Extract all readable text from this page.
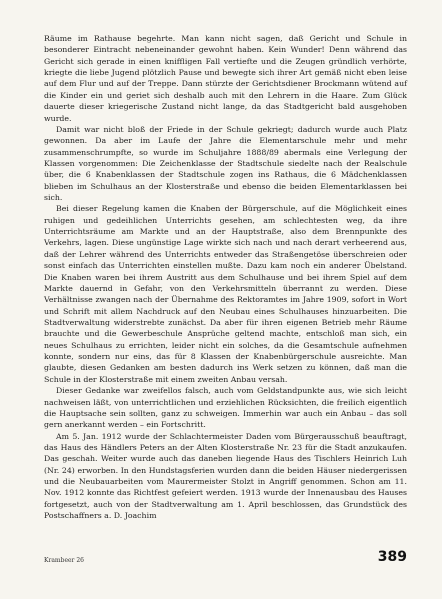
Räume im Rathause begehrte. Man kann nicht sagen, daß Gericht und Schule in besonderer Eintracht nebeneinander gewohnt haben. Kein Wunder! Denn während das Gericht sich gerade in einen kniffligen Fall vertiefte und die Zeugen gründlich verhörte, kriegte die liebe Jugend plötzlich Pause und bewegte sich ihrer Art gemäß nicht eben leise auf dem Flur und auf der Treppe. Dann stürzte der Gerichtsdiener Brockmann wütend auf die Kinder ein und geriet sich deshalb auch mit den Lehrern in die Haare. Zum Glück dauerte dieser kriegerische Zustand nicht lange, da das Stadtgericht bald ausgehoben wurde.

Damit war nicht bloß der Friede in der Schule gekriegt; dadurch wurde auch Platz gewonnen. Da aber im Laufe der Jahre die Elementarschule mehr und mehr zusammenschrumpfte, so wurde im Schuljahre 1888/89 abermals eine Verlegung der Klassen vorgenommen: Die Zeichenklasse der Stadtschule siedelte nach der Realschule über, die 6 Knabenklassen der Stadtschule zogen ins Rathaus, die 6 Mädchenklassen blieben im Schulhaus an der Klosterstraße und ebenso die beiden Elementarklassen bei sich.

Bei dieser Regelung kamen die Knaben der Bürgerschule, auf die Möglichkeit eines ruhigen und gedeihlichen Unterrichts gesehen, am schlechtesten weg, da ihre Unterrichtsräume am Markte und an der Hauptstraße, also dem Brennpunkte des Verkehrs, lagen. Diese ungünstige Lage wirkte sich nach und nach derart verheerend aus, daß der Lehrer während des Unterrichts entweder das Straßengetöse überschreien oder sonst einfach das Unterrichten einstellen mußte. Dazu kam noch ein anderer Übelstand. Die Knaben waren bei ihrem Austritt aus dem Schulhause und bei ihrem Spiel auf dem Markte dauernd in Gefahr, von den Verkehrsmitteln überrannt zu werden. Diese Verhältnisse zwangen nach der Übernahme des Rektoramtes im Jahre 1909, sofort in Wort und Schrift mit allem Nachdruck auf den Neubau eines Schulhauses hinzuarbeiten. Die Stadtverwaltung widerstrebte zunächst. Da aber für ihren eigenen Betrieb mehr Räume brauchte und die Gewerbeschule Ansprüche geltend machte, entschloß man sich, ein neues Schulhaus zu errichten, leider nicht ein solches, da die Gesamtschule aufnehmen konnte, sondern nur eins, das für 8 Klassen der Knabenbürgerschule ausreichte. Man glaubte, diesen Gedanken am besten dadurch ins Werk setzen zu können, daß man die Schule in der Klosterstraße mit einem zweiten Anbau versah.

Dieser Gedanke war zweifellos falsch, auch vom Geldstandpunkte aus, wie sich leicht nachweisen läßt, von unterrichtlichen und erziehlichen Rücksichten, die freilich eigentlich die Hauptsache sein sollten, ganz zu schweigen. Immerhin war auch ein Anbau – das soll gern anerkannt werden – ein Fortschritt.

Am 5. Jan. 1912 wurde der Schlachtermeister Daden vom Bürgerausschuß beauftragt, das Haus des Händlers Peters an der Alten Klosterstraße Nr. 23 für die Stadt anzukaufen. Das geschah. Weiter wurde auch das daneben liegende Haus des Tischlers Heinrich Luh (Nr. 24) erworben. In den Hundstagsferien wurden dann die beiden Häuser niedergerissen und die Neubauarbeiten vom Maurermeister Stolzt in Angriff genommen. Schon am 11. Nov. 1912 konnte das Richtfest gefeiert werden. 1913 wurde der Innenausbau des Hauses fortgesetzt, auch von der Stadtverwaltung am 1. April beschlossen, das Grundstück des Postschaffners a. D. Joachim

Krambeer 26	389
